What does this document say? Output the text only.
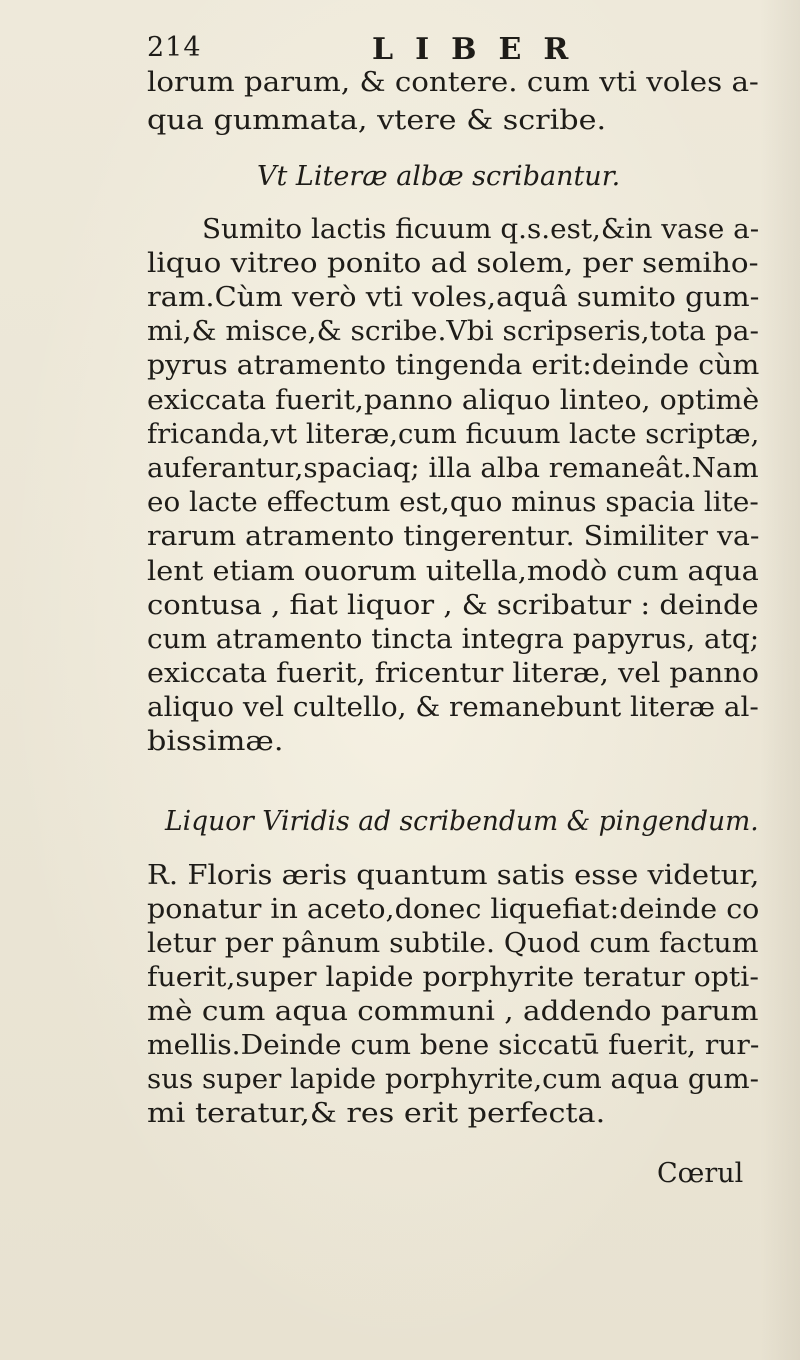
214	LIBER
lorum parum, & contere. cum vti voles a-
qua gummata, vtere & scribe.
Vt Literæ albæ scribantur.
Sumito lactis ficuum q.s.est,&in vase a-
liquo vitreo ponito ad solem, per semiho-
ram.Cùm verò vti voles,aquâ sumito gum-
mi,& misce,& scribe.Vbi scripseris,tota pa-
pyrus atramento tingenda erit:deinde cùm
exiccata fuerit,panno aliquo linteo, optimè
fricanda,vt literæ,cum ficuum lacte scriptæ,
auferantur,spaciaq; illa alba remaneât.Nam
eo lacte effectum est,quo minus spacia lite-
rarum atramento tingerentur. Similiter va-
lent etiam ouorum uitella,modò cum aqua
contusa , fiat liquor , & scribatur : deinde
cum atramento tincta integra papyrus, atq;
exiccata fuerit, fricentur literæ, vel panno
aliquo vel cultello, & remanebunt literæ al-
bissimæ.
Liquor Viridis ad scribendum & pingendum.
R. Floris æris quantum satis esse videtur,
ponatur in aceto,donec liquefiat:deinde co
letur per pânum subtile. Quod cum factum
fuerit,super lapide porphyrite teratur opti-
mè cum aqua communi , addendo parum
mellis.Deinde cum bene siccatū fuerit, rur-
sus super lapide porphyrite,cum aqua gum-
mi teratur,& res erit perfecta.
Cœrul
